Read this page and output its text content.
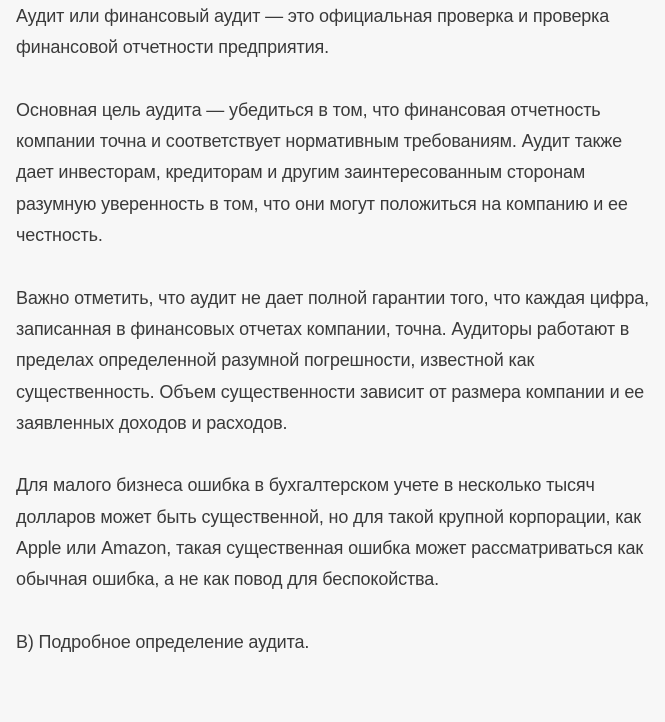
Аудит или финансовый аудит — это официальная проверка и проверка финансовой отчетности предприятия.

Основная цель аудита — убедиться в том, что финансовая отчетность компании точна и соответствует нормативным требованиям. Аудит также дает инвесторам, кредиторам и другим заинтересованным сторонам разумную уверенность в том, что они могут положиться на компанию и ее честность.

Важно отметить, что аудит не дает полной гарантии того, что каждая цифра, записанная в финансовых отчетах компании, точна. Аудиторы работают в пределах определенной разумной погрешности, известной как существенность. Объем существенности зависит от размера компании и ее заявленных доходов и расходов.

Для малого бизнеса ошибка в бухгалтерском учете в несколько тысяч долларов может быть существенной, но для такой крупной корпорации, как Apple или Amazon, такая существенная ошибка может рассматриваться как обычная ошибка, а не как повод для беспокойства.

B) Подробное определение аудита.
